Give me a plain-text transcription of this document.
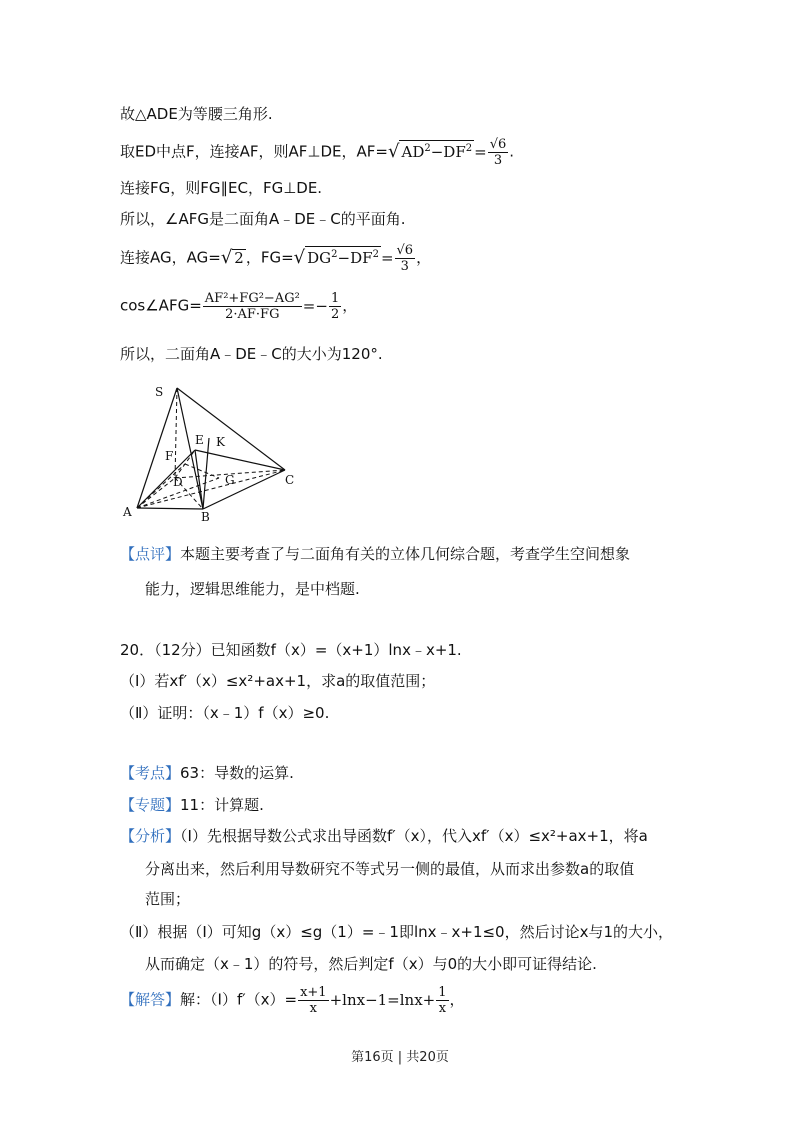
故△ADE为等腰三角形.
取ED中点F，连接AF，则AF⊥DE，AF=√ $AD^2-DF^2 = \frac{√6}{3}$ .
连接FG，则FG∥EC，FG⊥DE.
所以，∠AFG是二面角A﹣DE﹣C的平面角.
连接AG，AG=√ 2 ，FG=√ $DG^2-DF^2 = \frac{√6}{3}$ ，
cos∠AFG= $\frac{\text{AF²+FG²−AG²}}{2\cdot AF\cdot FG} =- \frac{1}{2}$ ，
所以，二面角A﹣DE﹣C的大小为120°.
S
E K
F
D	G	C
A	B
【点评】本题主要考查了与二面角有关的立体几何综合题，考查学生空间想象
能力，逻辑思维能力，是中档题.
20．（12分）已知函数f（x）=（x+1）lnx﹣x+1.
（Ⅰ）若xf′（x）≤x²+ax+1，求a的取值范围；
（Ⅱ）证明：（x﹣1）f（x）≥0.
【考点】63：导数的运算.
【专题】11：计算题.
【分析】（Ⅰ）先根据导数公式求出导函数f′（x），代入xf′（x）≤x²+ax+1，将a
分离出来，然后利用导数研究不等式另一侧的最值，从而求出参数a的取值
范围；
（Ⅱ）根据（Ⅰ）可知g（x）≤g（1）=﹣1即lnx﹣x+1≤0，然后讨论x与1的大小，
从而确定（x﹣1）的符号，然后判定f（x）与0的大小即可证得结论.
【解答】解：（Ⅰ）f′（x）= $\frac{x+1}{x} +\ln x-1=\ln x+ \frac{1}{x}$ ，
第16页 | 共20页
